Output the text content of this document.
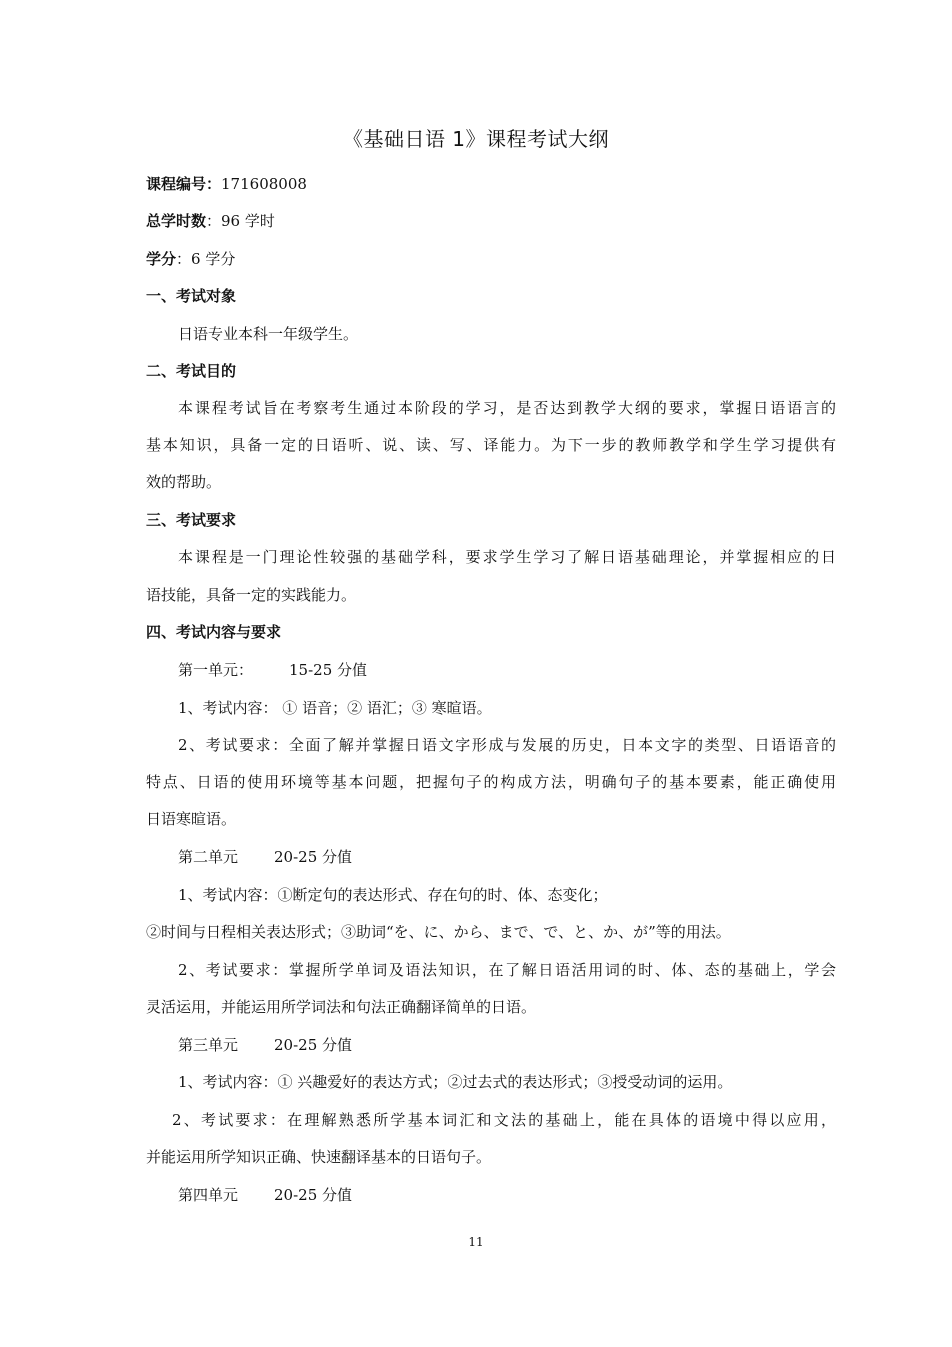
《基础日语 1》课程考试大纲
课程编号：171608008
总学时数：96 学时
学分：6 学分
一、考试对象
日语专业本科一年级学生。
二、考试目的
本课程考试旨在考察考生通过本阶段的学习，是否达到教学大纲的要求，掌握日语语言的
基本知识，具备一定的日语听、说、读、写、译能力。为下一步的教师教学和学生学习提供有
效的帮助。
三、考试要求
本课程是一门理论性较强的基础学科，要求学生学习了解日语基础理论，并掌握相应的日
语技能，具备一定的实践能力。
四、考试内容与要求
第一单元： 15-25 分值
1、考试内容： ① 语音；② 语汇；③ 寒暄语。
2、考试要求：全面了解并掌握日语文字形成与发展的历史，日本文字的类型、日语语音的
特点、日语的使用环境等基本问题，把握句子的构成方法，明确句子的基本要素，能正确使用
日语寒暄语。
第二单元 20-25 分值
1、考试内容：①断定句的表达形式、存在句的时、体、态变化；
②时间与日程相关表达形式；③助词“を、に、から、まで、で、と、か、が”等的用法。
2、考试要求：掌握所学单词及语法知识，在了解日语活用词的时、体、态的基础上，学会
灵活运用，并能运用所学词法和句法正确翻译简单的日语。
第三单元 20-25 分值
1、考试内容：① 兴趣爱好的表达方式；②过去式的表达形式；③授受动词的运用。
2、考试要求：在理解熟悉所学基本词汇和文法的基础上，能在具体的语境中得以应用，
并能运用所学知识正确、快速翻译基本的日语句子。
第四单元 20-25 分值
11
